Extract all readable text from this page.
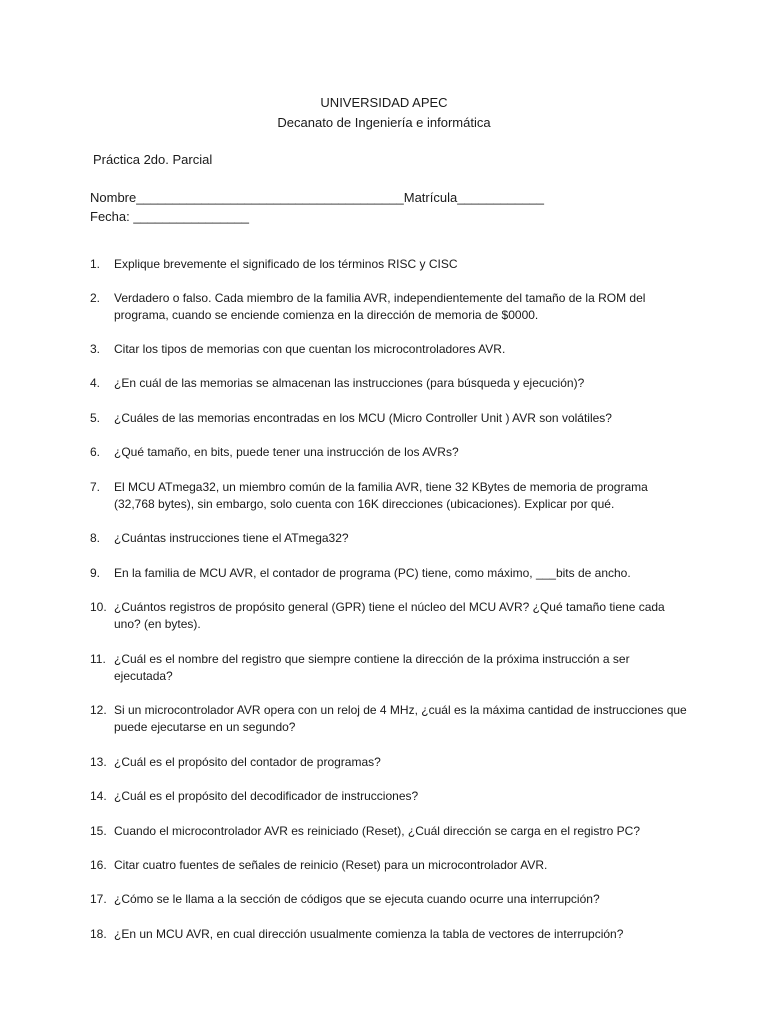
UNIVERSIDAD APEC
Decanato de Ingeniería e informática
Práctica 2do. Parcial
Nombre_____________________________________Matrícula____________
Fecha: ________________
1.	Explique brevemente el significado de los términos RISC y CISC
2.	Verdadero o falso. Cada miembro de la familia AVR, independientemente del tamaño de la ROM del programa, cuando se enciende comienza en la dirección de memoria de $0000.
3.	Citar los tipos de memorias con que cuentan los microcontroladores AVR.
4.	¿En cuál de las memorias se almacenan las instrucciones (para búsqueda y ejecución)?
5.	¿Cuáles de las memorias encontradas en los MCU (Micro Controller Unit ) AVR son volátiles?
6.	¿Qué tamaño, en bits, puede tener una instrucción de los AVRs?
7.	El MCU ATmega32, un miembro común de la familia AVR, tiene 32 KBytes de memoria de programa (32,768 bytes), sin embargo, solo cuenta con 16K direcciones (ubicaciones). Explicar por qué.
8.	¿Cuántas instrucciones tiene el ATmega32?
9.	En la familia de MCU AVR, el contador de programa (PC) tiene, como máximo, ___bits de ancho.
10. ¿Cuántos registros de propósito general (GPR) tiene el núcleo del MCU AVR? ¿Qué tamaño tiene cada uno? (en bytes).
11. ¿Cuál es el nombre del registro que siempre contiene la dirección de la próxima instrucción a ser ejecutada?
12. Si un microcontrolador AVR opera con un reloj de 4 MHz, ¿cuál es la máxima cantidad de instrucciones que puede ejecutarse en un segundo?
13. ¿Cuál es el propósito del contador de programas?
14. ¿Cuál es el propósito del decodificador de instrucciones?
15. Cuando el microcontrolador AVR es reiniciado (Reset), ¿Cuál dirección se carga en el registro PC?
16. Citar cuatro fuentes de señales de reinicio (Reset) para un microcontrolador AVR.
17. ¿Cómo se le llama a la sección de códigos que se ejecuta cuando ocurre una interrupción?
18. ¿En un MCU AVR, en cual dirección usualmente comienza la tabla de vectores de interrupción?
